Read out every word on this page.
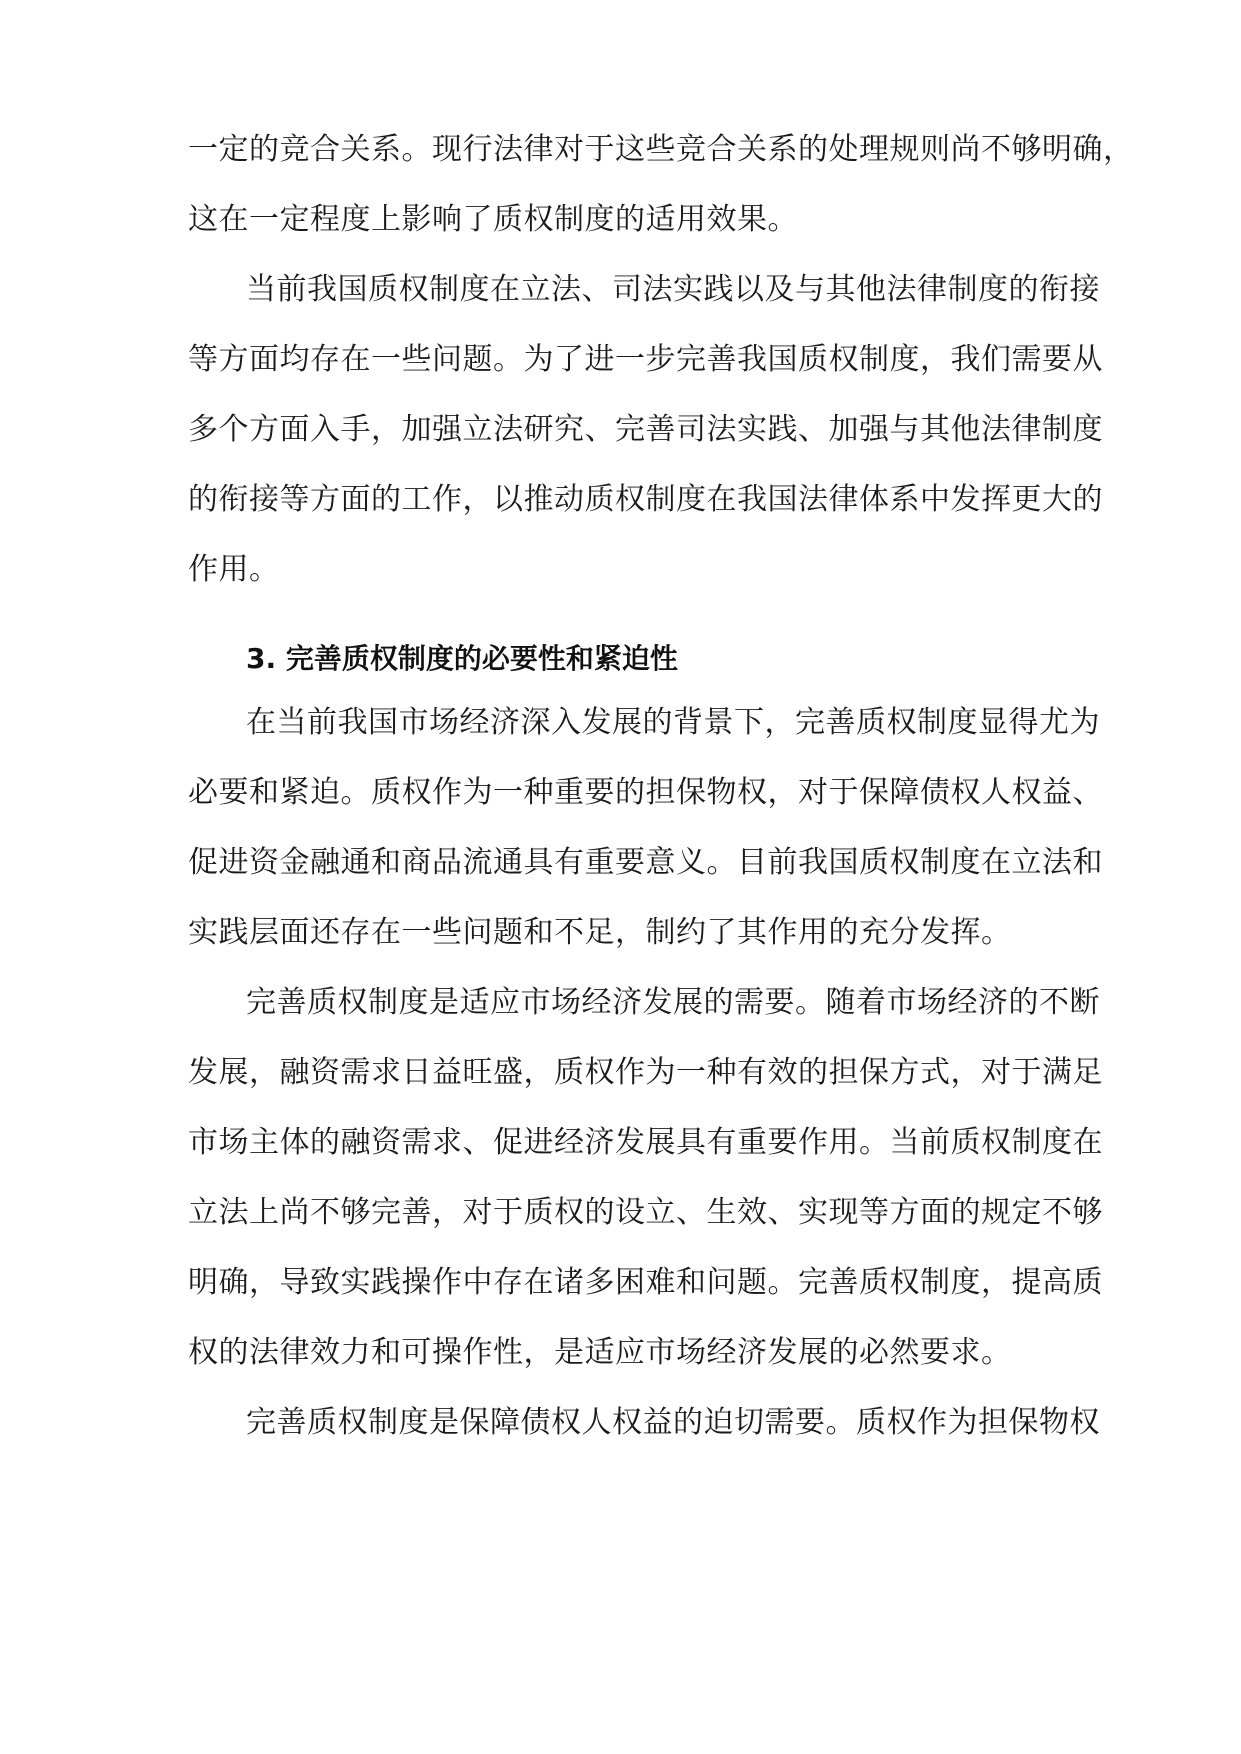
一定的竞合关系。现行法律对于这些竞合关系的处理规则尚不够明确，
这在一定程度上影响了质权制度的适用效果。
当前我国质权制度在立法、司法实践以及与其他法律制度的衔接
等方面均存在一些问题。为了进一步完善我国质权制度，我们需要从
多个方面入手，加强立法研究、完善司法实践、加强与其他法律制度
的衔接等方面的工作，以推动质权制度在我国法律体系中发挥更大的
作用。
3. 完善质权制度的必要性和紧迫性
在当前我国市场经济深入发展的背景下，完善质权制度显得尤为
必要和紧迫。质权作为一种重要的担保物权，对于保障债权人权益、
促进资金融通和商品流通具有重要意义。目前我国质权制度在立法和
实践层面还存在一些问题和不足，制约了其作用的充分发挥。
完善质权制度是适应市场经济发展的需要。随着市场经济的不断
发展，融资需求日益旺盛，质权作为一种有效的担保方式，对于满足
市场主体的融资需求、促进经济发展具有重要作用。当前质权制度在
立法上尚不够完善，对于质权的设立、生效、实现等方面的规定不够
明确，导致实践操作中存在诸多困难和问题。完善质权制度，提高质
权的法律效力和可操作性，是适应市场经济发展的必然要求。
完善质权制度是保障债权人权益的迫切需要。质权作为担保物权
